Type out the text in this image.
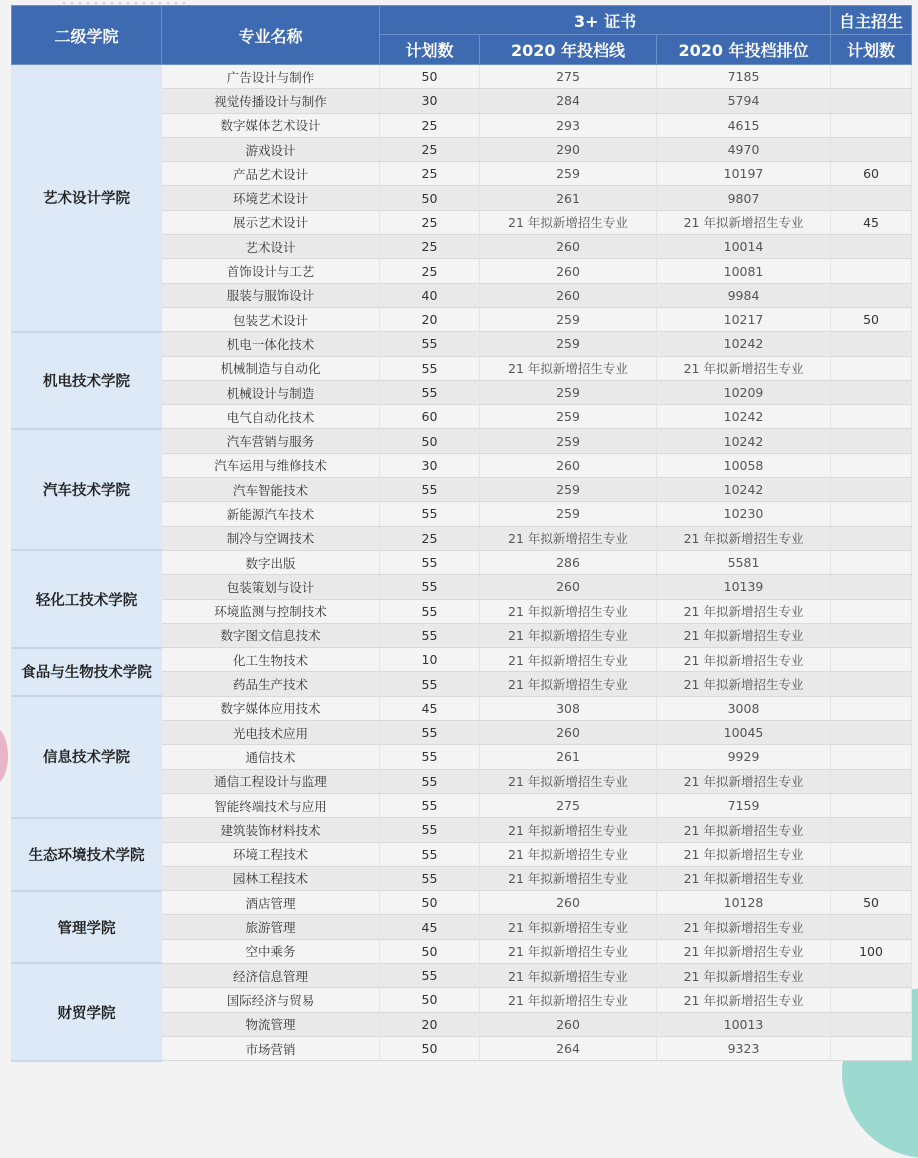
二级学院	专业名称	3+ 证书			自主招生
		计划数	2020 年投档线	2020 年投档排位	计划数
艺术设计学院	广告设计与制作	50	275	7185	
	视觉传播设计与制作	30	284	5794	
	数字媒体艺术设计	25	293	4615	
	游戏设计	25	290	4970	
	产品艺术设计	25	259	10197	60
	环境艺术设计	50	261	9807	
	展示艺术设计	25	21 年拟新增招生专业	21 年拟新增招生专业	45
	艺术设计	25	260	10014	
	首饰设计与工艺	25	260	10081	
	服装与服饰设计	40	260	9984	
	包装艺术设计	20	259	10217	50
机电技术学院	机电一体化技术	55	259	10242	
	机械制造与自动化	55	21 年拟新增招生专业	21 年拟新增招生专业	
	机械设计与制造	55	259	10209	
	电气自动化技术	60	259	10242	
汽车技术学院	汽车营销与服务	50	259	10242	
	汽车运用与维修技术	30	260	10058	
	汽车智能技术	55	259	10242	
	新能源汽车技术	55	259	10230	
	制冷与空调技术	25	21 年拟新增招生专业	21 年拟新增招生专业	
轻化工技术学院	数字出版	55	286	5581	
	包装策划与设计	55	260	10139	
	环境监测与控制技术	55	21 年拟新增招生专业	21 年拟新增招生专业	
	数字图文信息技术	55	21 年拟新增招生专业	21 年拟新增招生专业	
食品与生物技术学院	化工生物技术	10	21 年拟新增招生专业	21 年拟新增招生专业	
	药品生产技术	55	21 年拟新增招生专业	21 年拟新增招生专业	
信息技术学院	数字媒体应用技术	45	308	3008	
	光电技术应用	55	260	10045	
	通信技术	55	261	9929	
	通信工程设计与监理	55	21 年拟新增招生专业	21 年拟新增招生专业	
	智能终端技术与应用	55	275	7159	
生态环境技术学院	建筑装饰材料技术	55	21 年拟新增招生专业	21 年拟新增招生专业	
	环境工程技术	55	21 年拟新增招生专业	21 年拟新增招生专业	
	园林工程技术	55	21 年拟新增招生专业	21 年拟新增招生专业	
管理学院	酒店管理	50	260	10128	50
	旅游管理	45	21 年拟新增招生专业	21 年拟新增招生专业	
	空中乘务	50	21 年拟新增招生专业	21 年拟新增招生专业	100
财贸学院	经济信息管理	55	21 年拟新增招生专业	21 年拟新增招生专业	
	国际经济与贸易	50	21 年拟新增招生专业	21 年拟新增招生专业	
	物流管理	20	260	10013	
	市场营销	50	264	9323	
